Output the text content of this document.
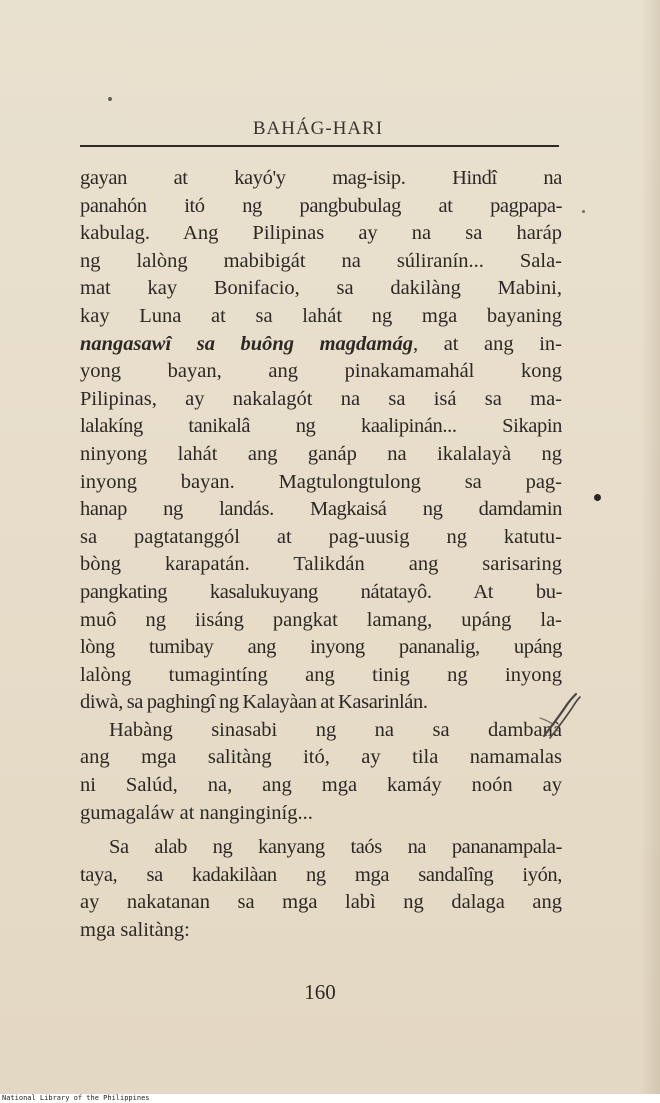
BAHÁG-HARI
gayan at kayó'y mag-isip. Hindî na
panahón itó ng pangbubulag at pagpapa-
kabulag. Ang Pilipinas ay na sa haráp
ng lalòng mabibigát na súliranín... Sala-
mat kay Bonifacio, sa dakilàng Mabini,
kay Luna at sa lahát ng mga bayaning
nangasawî sa buông magdamág, at ang in-
yong bayan, ang pinakamamahál kong
Pilipinas, ay nakalagót na sa isá sa ma-
lalakíng tanikalâ ng kaalipinán... Sikapin
ninyong lahát ang ganáp na ikalalayà ng
inyong bayan. Magtulongtulong sa pag-
hanap ng landás. Magkaisá ng damdamin
sa pagtatanggól at pag-uusig ng katutu-
bòng karapatán. Talikdán ang sarisaring
pangkating kasalukuyang nátatayô. At bu-
muô ng iisáng pangkat lamang, upáng la-
lòng tumibay ang inyong pananalig, upáng
lalòng tumagintíng ang tinig ng inyong
diwà, sa paghingî ng Kalayàan at Kasarinlán.
Habàng sinasabi ng na sa dambanà
ang mga salitàng itó, ay tila namamalas
ni Salúd, na, ang mga kamáy noón ay
gumagaláw at nanginginíg...
Sa alab ng kanyang taós na pananampala-
taya, sa kadakilàan ng mga sandalîng iyón,
ay nakatanan sa mga labì ng dalaga ang
mga salitàng:
160
National Library of the Philippines
